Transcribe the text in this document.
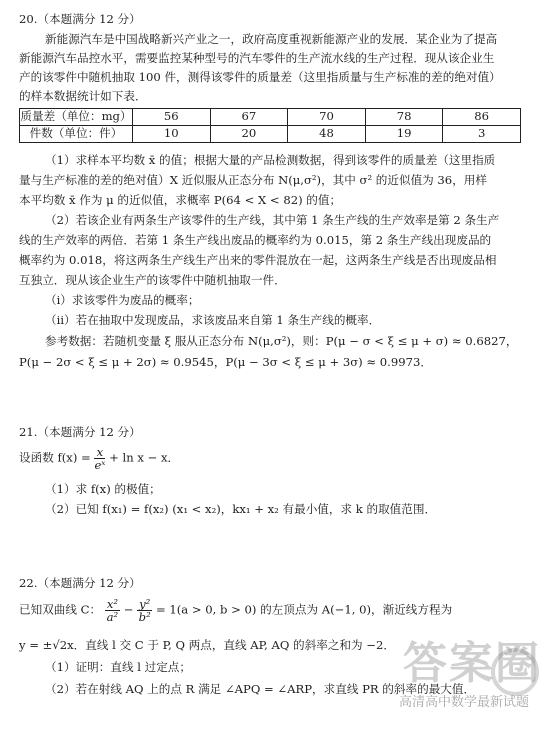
20.（本题满分 12 分）
新能源汽车是中国战略新兴产业之一，政府高度重视新能源产业的发展．某企业为了提高
新能源汽车品控水平，需要监控某种型号的汽车零件的生产流水线的生产过程．现从该企业生
产的该零件中随机抽取 100 件，测得该零件的质量差（这里指质量与生产标准的差的绝对值）
的样本数据统计如下表．
质量差（单位：mg）	56	67	70	78	86
件数（单位：件）	10	20	48	19	3
（1）求样本平均数 x̄ 的值；根据大量的产品检测数据，得到该零件的质量差（这里指质
量与生产标准的差的绝对值）X 近似服从正态分布 N(μ,σ²)，其中 σ² 的近似值为 36，用样
本平均数 x̄ 作为 μ 的近似值，求概率 P(64 < X < 82) 的值；
（2）若该企业有两条生产该零件的生产线，其中第 1 条生产线的生产效率是第 2 条生产
线的生产效率的两倍．若第 1 条生产线出废品的概率约为 0.015，第 2 条生产线出现废品的
概率约为 0.018，将这两条生产线生产出来的零件混放在一起，这两条生产线是否出现废品相
互独立．现从该企业生产的该零件中随机抽取一件．
（ⅰ）求该零件为废品的概率；
（ⅱ）若在抽取中发现废品，求该废品来自第 1 条生产线的概率．
参考数据：若随机变量 ξ 服从正态分布 N(μ,σ²)，则：P(μ − σ < ξ ≤ μ + σ) ≈ 0.6827，
P(μ − 2σ < ξ ≤ μ + 2σ) ≈ 0.9545，P(μ − 3σ < ξ ≤ μ + 3σ) ≈ 0.9973．
21.（本题满分 12 分）
设函数 $f(x) = \frac{x}{\text{eˣ}} + \ln x - x$．
（1）求 f(x) 的极值；
（2）已知 f(x₁) = f(x₂) (x₁ < x₂)，kx₁ + x₂ 有最小值，求 k 的取值范围．
22.（本题满分 12 分）
已知双曲线 C： $\frac{\text{x²}}{\text{a²}} - \frac{\text{y²}}{\text{b²}} = 1(a > 0$, b > 0) 的左顶点为 A(−1, 0)，渐近线方程为
y = ±√2x．直线 l 交 C 于 P, Q 两点，直线 AP, AQ 的斜率之和为 −2．
（1）证明：直线 l 过定点；
（2）若在射线 AQ 上的点 R 满足 ∠APQ = ∠ARP，求直线 PR 的斜率的最大值．
答案圈
高清高中数学最新试题
